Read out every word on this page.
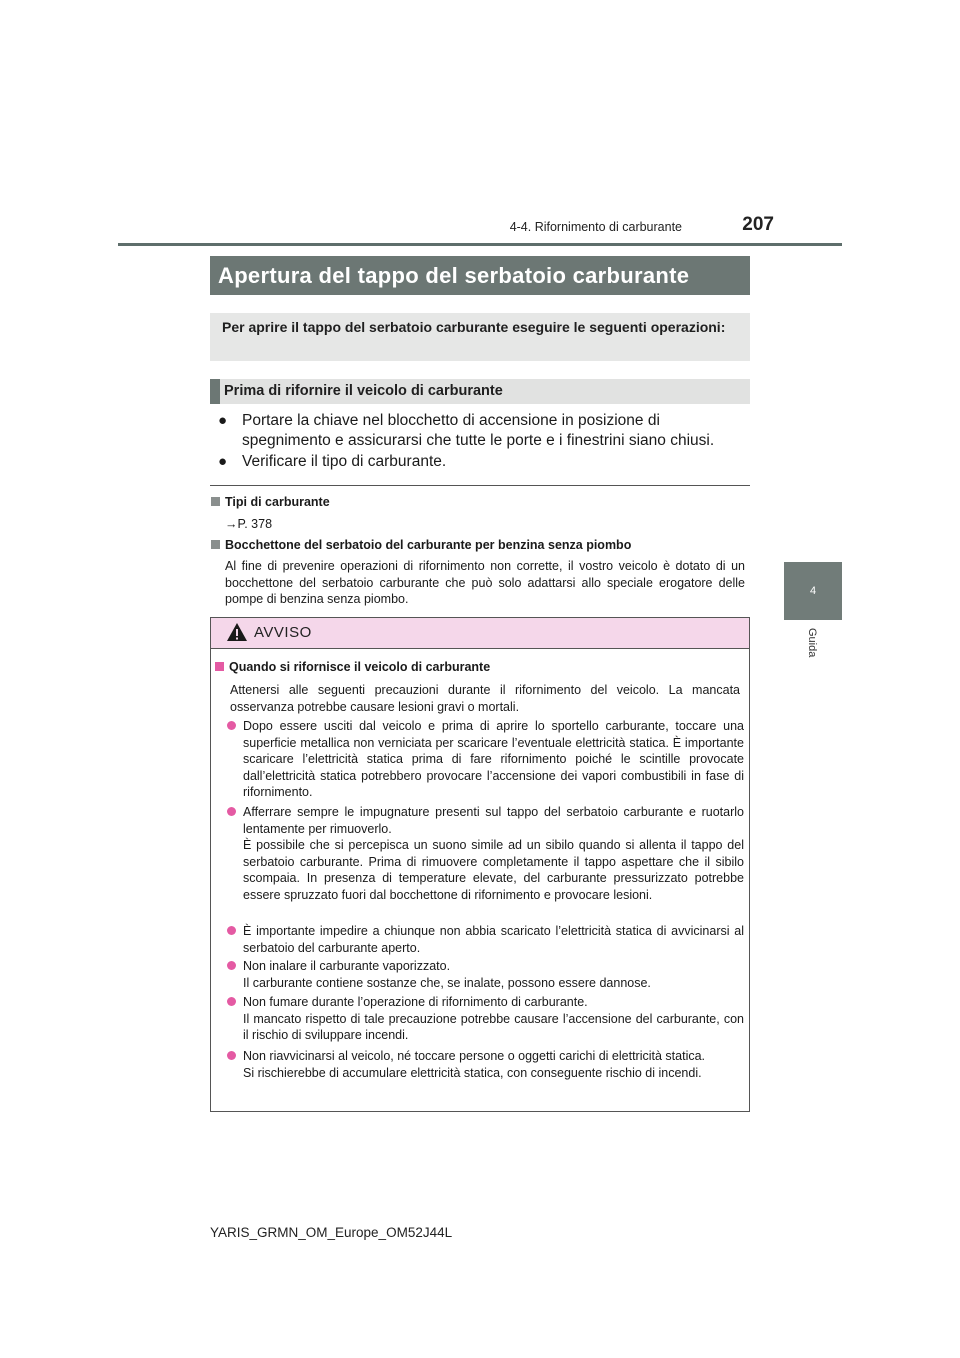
4-4. Rifornimento di carburante	207
4
Guida
Apertura del tappo del serbatoio carburante
Per aprire il tappo del serbatoio carburante eseguire le seguenti operazioni:
Prima di rifornire il veicolo di carburante
● Portare la chiave nel blocchetto di accensione in posizione di spegnimento e assicurarsi che tutte le porte e i finestrini siano chiusi.
● Verificare il tipo di carburante.
Tipi di carburante
→P. 378
Bocchettone del serbatoio del carburante per benzina senza piombo
Al fine di prevenire operazioni di rifornimento non corrette, il vostro veicolo è dotato di un bocchettone del serbatoio carburante che può solo adattarsi allo speciale erogatore delle pompe di benzina senza piombo.
AVVISO
Quando si rifornisce il veicolo di carburante
Attenersi alle seguenti precauzioni durante il rifornimento del veicolo. La mancata osservanza potrebbe causare lesioni gravi o mortali.
Dopo essere usciti dal veicolo e prima di aprire lo sportello carburante, toccare una superficie metallica non verniciata per scaricare l’eventuale elettricità statica. È importante scaricare l’elettricità statica prima di fare rifornimento poiché le scintille provocate dall’elettricità statica potrebbero provocare l’accensione dei vapori combustibili in fase di rifornimento.
Afferrare sempre le impugnature presenti sul tappo del serbatoio carburante e ruotarlo lentamente per rimuoverlo.
È possibile che si percepisca un suono simile ad un sibilo quando si allenta il tappo del serbatoio carburante. Prima di rimuovere completamente il tappo aspettare che il sibilo scompaia. In presenza di temperature elevate, del carburante pressurizzato potrebbe essere spruzzato fuori dal bocchettone di rifornimento e provocare lesioni.
È importante impedire a chiunque non abbia scaricato l’elettricità statica di avvicinarsi al serbatoio del carburante aperto.
Non inalare il carburante vaporizzato.
Il carburante contiene sostanze che, se inalate, possono essere dannose.
Non fumare durante l’operazione di rifornimento di carburante.
Il mancato rispetto di tale precauzione potrebbe causare l’accensione del carburante, con il rischio di sviluppare incendi.
Non riavvicinarsi al veicolo, né toccare persone o oggetti carichi di elettricità statica.
Si rischierebbe di accumulare elettricità statica, con conseguente rischio di incendi.
YARIS_GRMN_OM_Europe_OM52J44L
